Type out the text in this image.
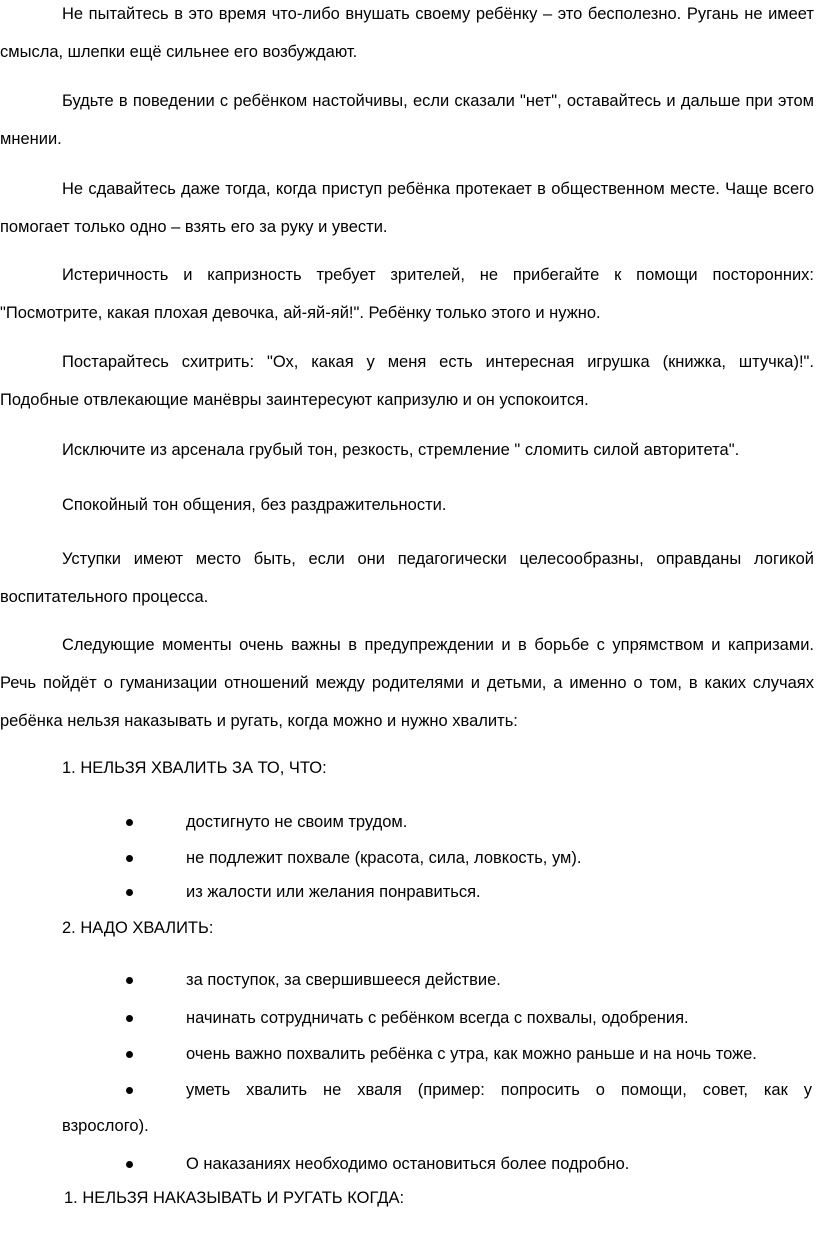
Не пытайтесь в это время что-либо внушать своему ребёнку – это бесполезно. Ругань не имеет смысла, шлепки ещё сильнее его возбуждают.

Будьте в поведении с ребёнком настойчивы, если сказали "нет", оставайтесь и дальше при этом мнении.

Не сдавайтесь даже тогда, когда приступ ребёнка протекает в общественном месте. Чаще всего помогает только одно – взять его за руку и увести.

Истеричность и капризность требует зрителей, не прибегайте к помощи посторонних: "Посмотрите, какая плохая девочка, ай-яй-яй!". Ребёнку только этого и нужно.

Постарайтесь схитрить: "Ох, какая у меня есть интересная игрушка (книжка, штучка)!". Подобные отвлекающие манёвры заинтересуют капризулю и он успокоится.

Исключите из арсенала грубый тон, резкость, стремление " сломить силой авторитета".

Спокойный тон общения, без раздражительности.

Уступки имеют место быть, если они педагогически целесообразны, оправданы логикой воспитательного процесса.

Следующие моменты очень важны в предупреждении и в борьбе с упрямством и капризами. Речь пойдёт о гуманизации отношений между родителями и детьми, а именно о том, в каких случаях ребёнка нельзя наказывать и ругать, когда можно и нужно хвалить:

1. НЕЛЬЗЯ ХВАЛИТЬ ЗА ТО, ЧТО:
достигнуто не своим трудом.
не подлежит похвале (красота, сила, ловкость, ум).
из жалости или желания понравиться.
2. НАДО ХВАЛИТЬ:
за поступок, за свершившееся действие.
начинать сотрудничать с ребёнком всегда с похвалы, одобрения.
очень важно похвалить ребёнка с утра, как можно раньше и на ночь тоже.
уметь хвалить не хваля (пример: попросить о помощи, совет, как у
взрослого).
О наказаниях необходимо остановиться более подробно.
1. НЕЛЬЗЯ НАКАЗЫВАТЬ И РУГАТЬ КОГДА:
